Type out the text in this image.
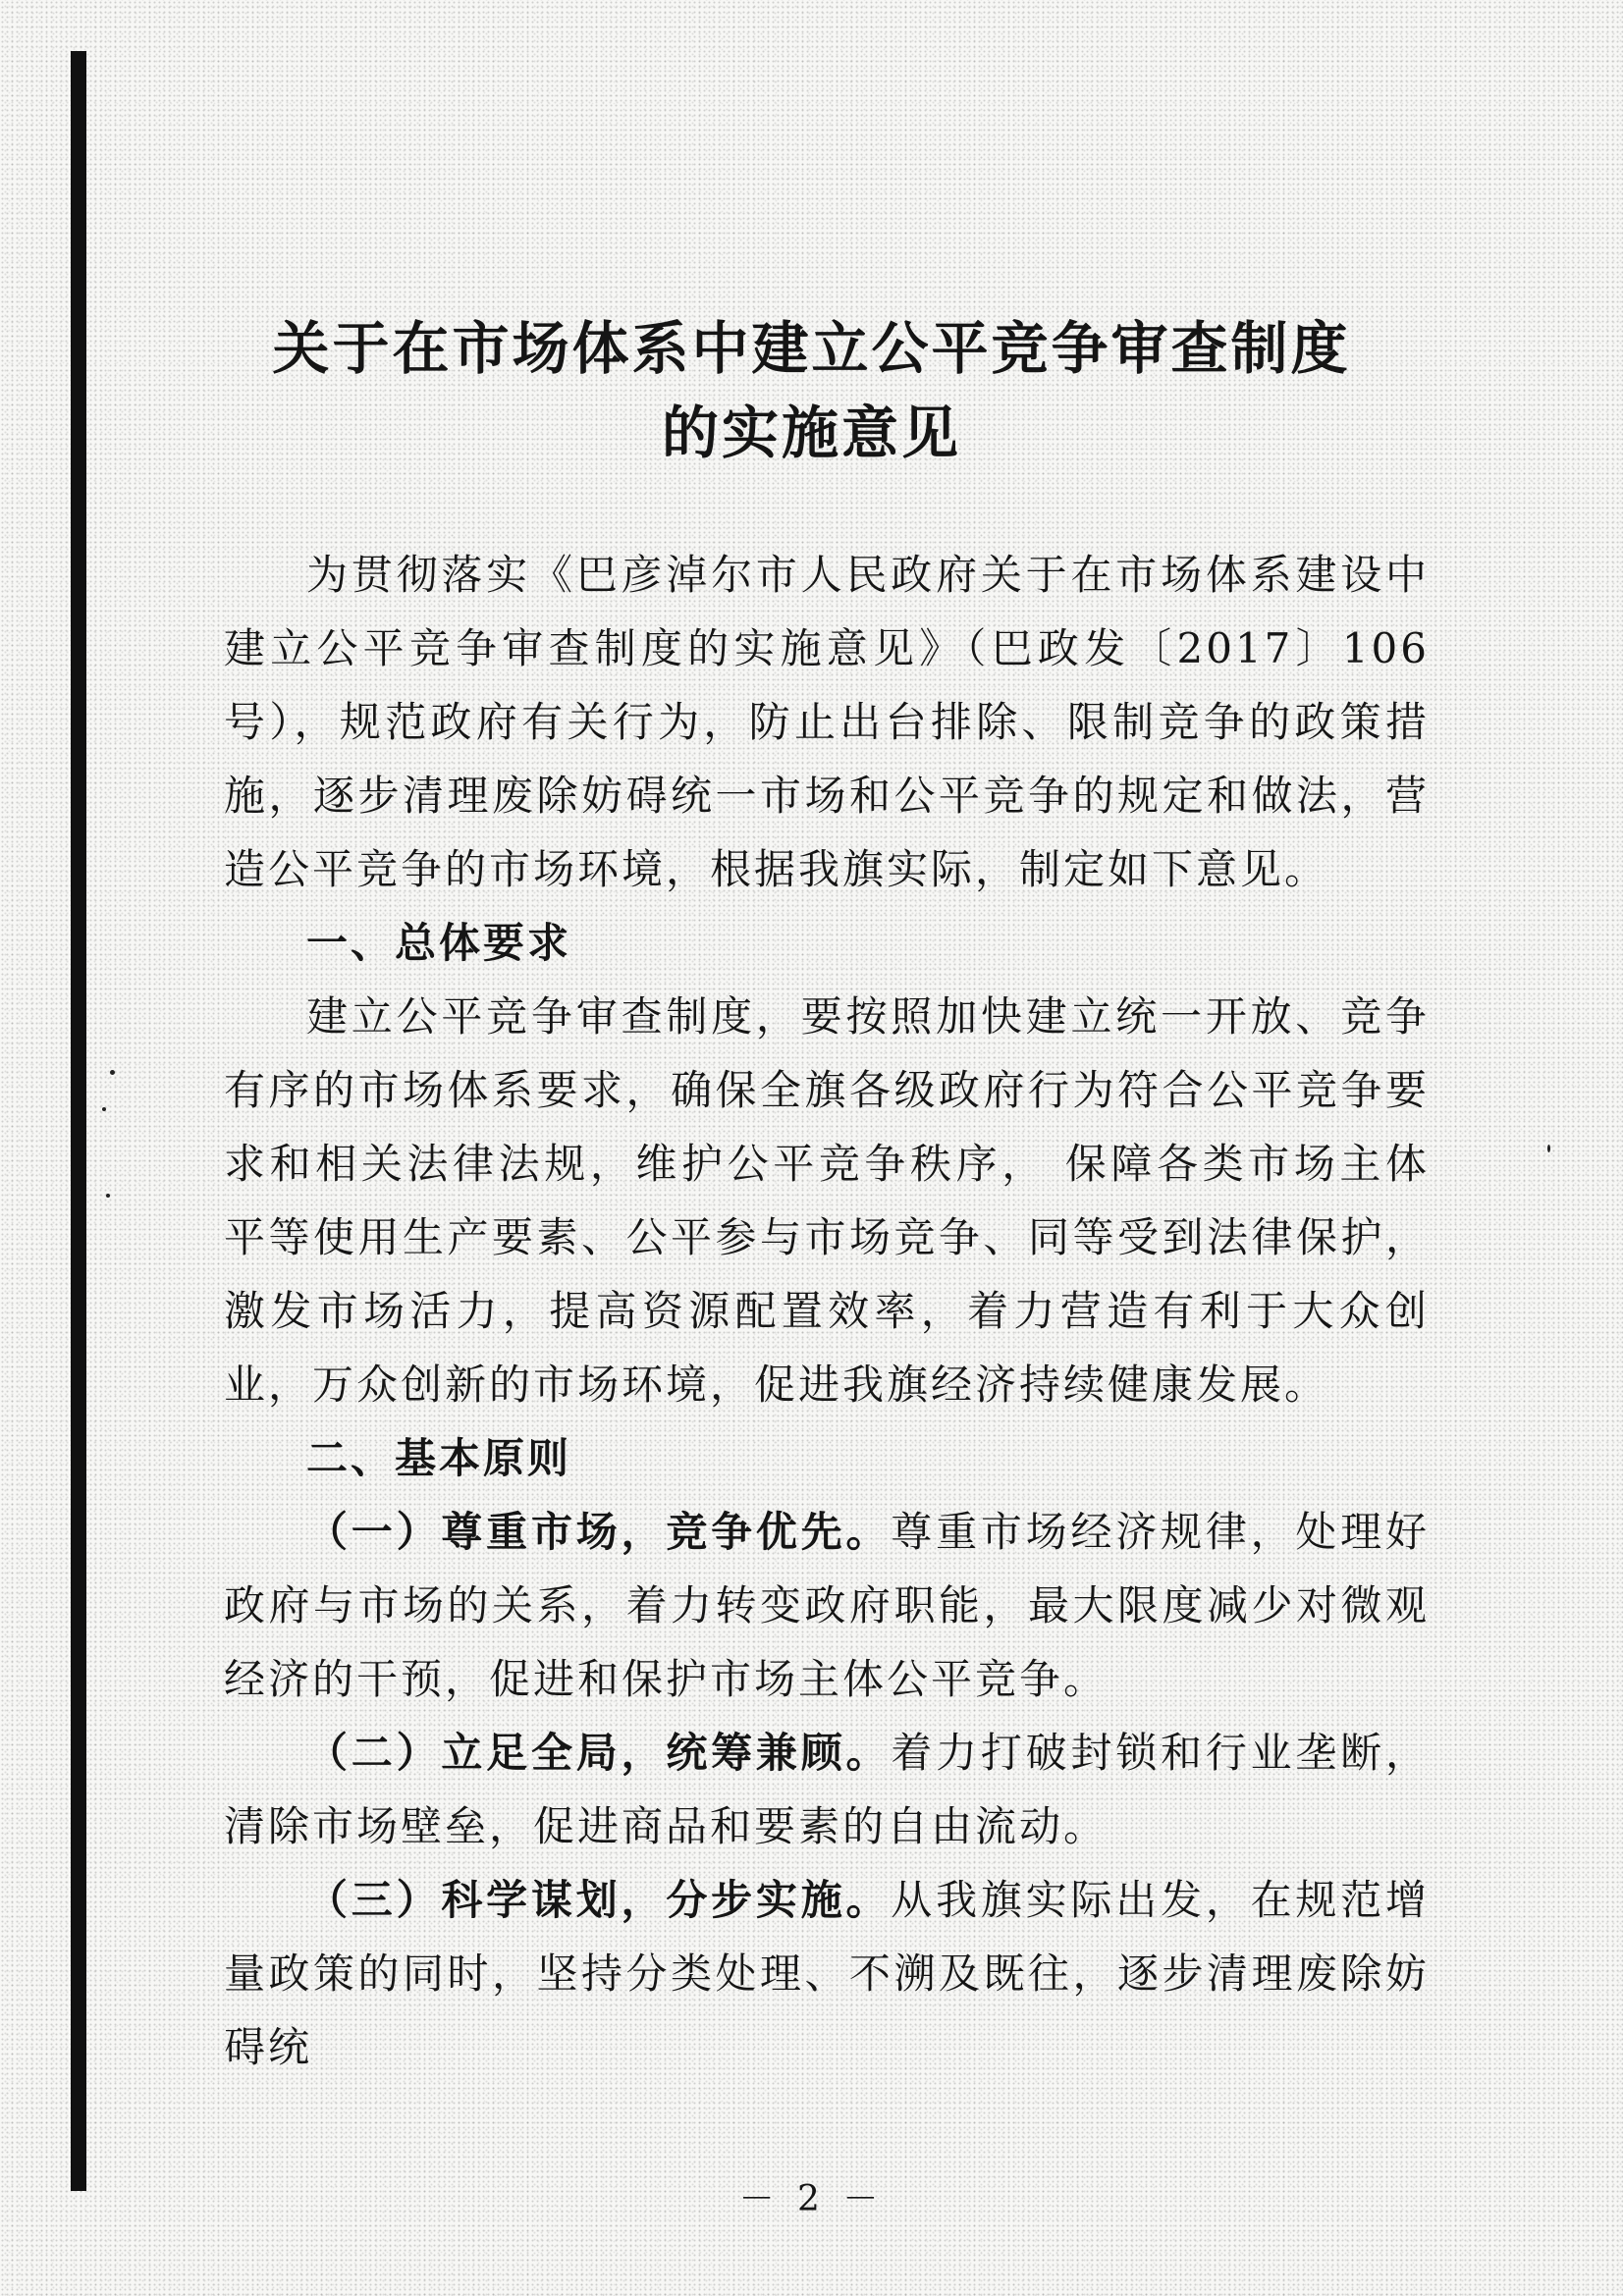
关于在市场体系中建立公平竞争审查制度
的实施意见

为贯彻落实《巴彦淖尔市人民政府关于在市场体系建设中建立公平竞争审查制度的实施意见》（巴政发〔2017〕106号），规范政府有关行为，防止出台排除、限制竞争的政策措施，逐步清理废除妨碍统一市场和公平竞争的规定和做法，营造公平竞争的市场环境，根据我旗实际，制定如下意见。

一、总体要求

建立公平竞争审查制度，要按照加快建立统一开放、竞争有序的市场体系要求，确保全旗各级政府行为符合公平竞争要求和相关法律法规，维护公平竞争秩序， 保障各类市场主体平等使用生产要素、公平参与市场竞争、同等受到法律保护，激发市场活力，提高资源配置效率，着力营造有利于大众创业，万众创新的市场环境，促进我旗经济持续健康发展。

二、基本原则

（一）尊重市场，竞争优先。尊重市场经济规律，处理好政府与市场的关系，着力转变政府职能，最大限度减少对微观经济的干预，促进和保护市场主体公平竞争。

（二）立足全局，统筹兼顾。着力打破封锁和行业垄断，清除市场壁垒，促进商品和要素的自由流动。

（三）科学谋划，分步实施。从我旗实际出发，在规范增量政策的同时，坚持分类处理、不溯及既往，逐步清理废除妨碍统

－ 2 －
